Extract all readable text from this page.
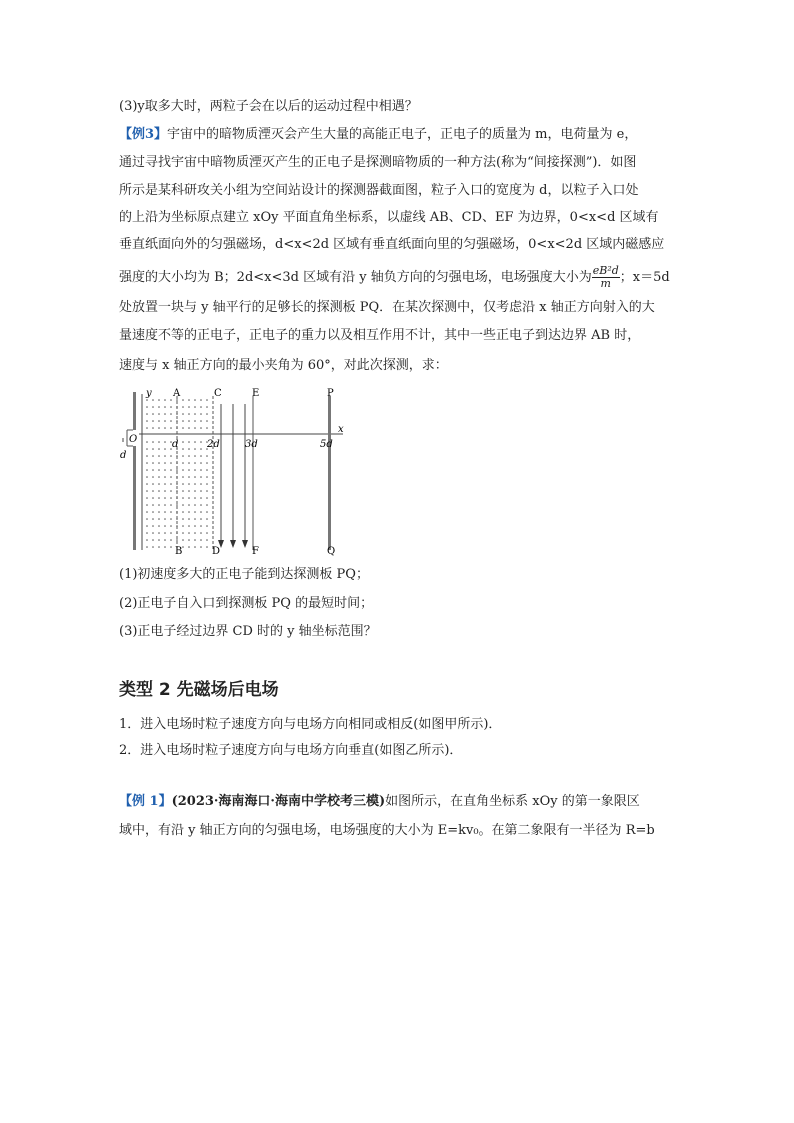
(3)y取多大时，两粒子会在以后的运动过程中相遇？
【例3】宇宙中的暗物质湮灭会产生大量的高能正电子，正电子的质量为 m，电荷量为 e，
通过寻找宇宙中暗物质湮灭产生的正电子是探测暗物质的一种方法(称为“间接探测”)．如图
所示是某科研攻关小组为空间站设计的探测器截面图，粒子入口的宽度为 d，以粒子入口处
的上沿为坐标原点建立 xOy 平面直角坐标系，以虚线 AB、CD、EF 为边界，0<x<d 区域有
垂直纸面向外的匀强磁场，d<x<2d 区域有垂直纸面向里的匀强磁场，0<x<2d 区域内磁感应
强度的大小均为 B；2d<x<3d 区域有沿 y 轴负方向的匀强电场，电场强度大小为 $\frac{\text{eB²d}}{m}$ ；x＝5d
处放置一块与 y 轴平行的足够长的探测板 PQ．在某次探测中，仅考虑沿 x 轴正方向射入的大
量速度不等的正电子，正电子的重力以及相互作用不计，其中一些正电子到达边界 AB 时，
速度与 x 轴正方向的最小夹角为 60°，对此次探测，求：
y A	C	E	P
x
O	d	2d	3d	5d
d
B	D	F	Q
(1)初速度多大的正电子能到达探测板 PQ；
(2)正电子自入口到探测板 PQ 的最短时间；
(3)正电子经过边界 CD 时的 y 轴坐标范围？
类型 2 先磁场后电场
1．进入电场时粒子速度方向与电场方向相同或相反(如图甲所示)．
2．进入电场时粒子速度方向与电场方向垂直(如图乙所示)．
【例 1】(2023·海南海口·海南中学校考三模)如图所示，在直角坐标系 xOy 的第一象限区
域中，有沿 y 轴正方向的匀强电场，电场强度的大小为 E=kv₀。在第二象限有一半径为 R=b
